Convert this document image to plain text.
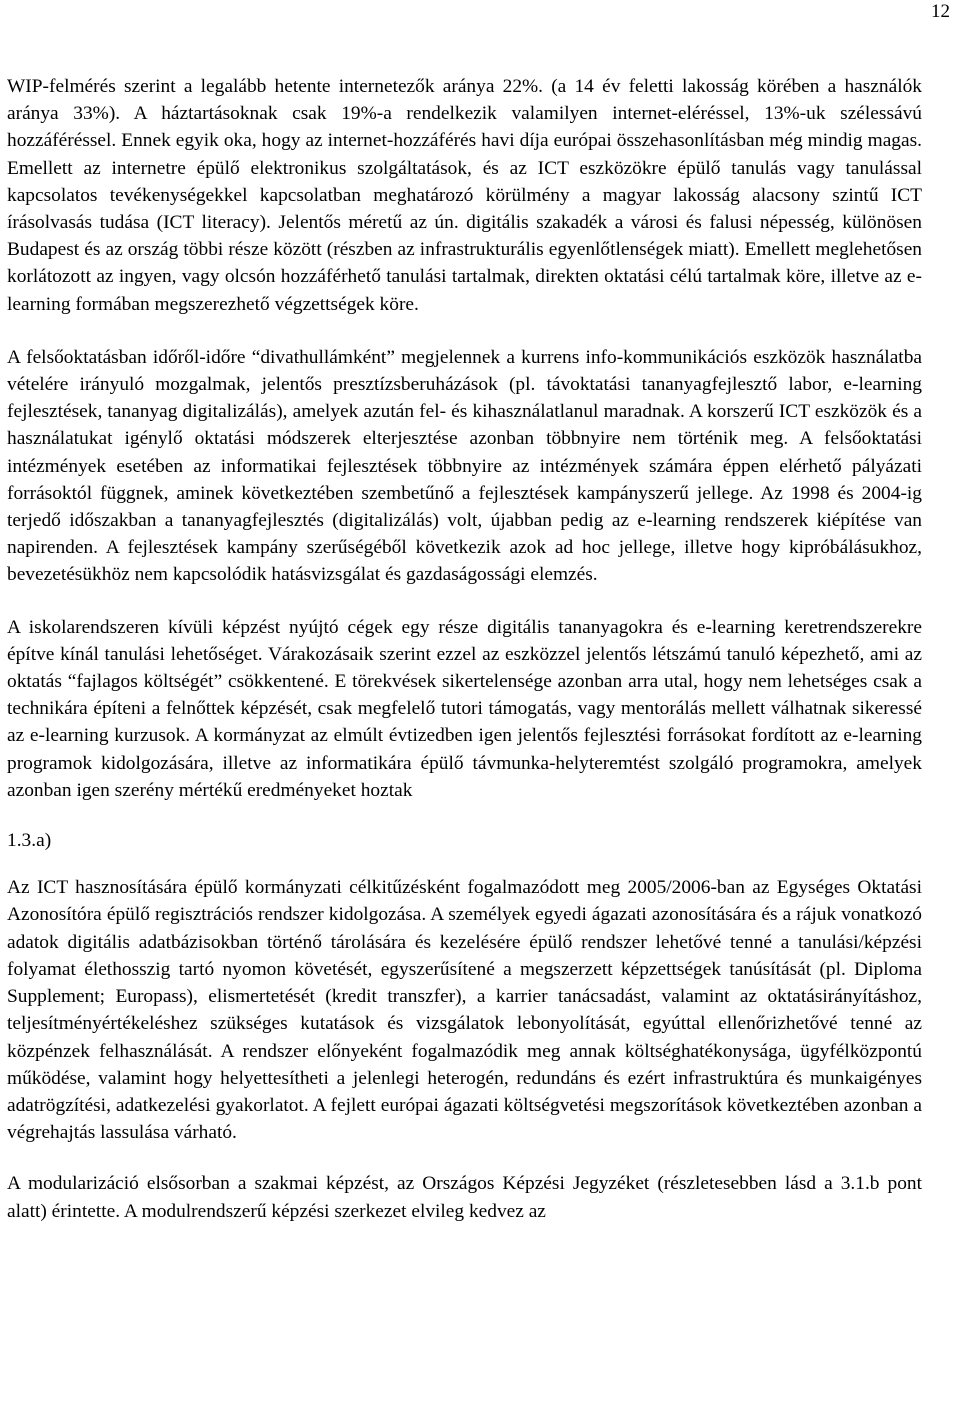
12

WIP-felmérés szerint a legalább hetente internetezők aránya 22%. (a 14 év feletti lakosság körében a használók aránya 33%). A háztartásoknak csak 19%-a rendelkezik valamilyen internet-eléréssel, 13%-uk szélessávú hozzáféréssel. Ennek egyik oka, hogy az internet-hozzáférés havi díja európai összehasonlításban még mindig magas. Emellett az internetre épülő elektronikus szolgáltatások, és az ICT eszközökre épülő tanulás vagy tanulással kapcsolatos tevékenységekkel kapcsolatban meghatározó körülmény a magyar lakosság alacsony szintű ICT írásolvasás tudása (ICT literacy). Jelentős méretű az ún. digitális szakadék a városi és falusi népesség, különösen Budapest és az ország többi része között (részben az infrastrukturális egyenlőtlenségek miatt). Emellett meglehetősen korlátozott az ingyen, vagy olcsón hozzáférhető tanulási tartalmak, direkten oktatási célú tartalmak köre, illetve az e-learning formában megszerezhető végzettségek köre.

A felsőoktatásban időről-időre “divathullámként” megjelennek a kurrens info-kommunikációs eszközök használatba vételére irányuló mozgalmak, jelentős presztízsberuházások (pl. távoktatási tananyagfejlesztő labor, e-learning fejlesztések, tananyag digitalizálás), amelyek azután fel- és kihasználatlanul maradnak. A korszerű ICT eszközök és a használatukat igénylő oktatási módszerek elterjesztése azonban többnyire nem történik meg. A felsőoktatási intézmények esetében az informatikai fejlesztések többnyire az intézmények számára éppen elérhető pályázati forrásoktól függnek, aminek következtében szembetűnő a fejlesztések kampányszerű jellege. Az 1998 és 2004-ig terjedő időszakban a tananyagfejlesztés (digitalizálás) volt, újabban pedig az e-learning rendszerek kiépítése van napirenden. A fejlesztések kampány szerűségéből következik azok ad hoc jellege, illetve hogy kipróbálásukhoz, bevezetésükhöz nem kapcsolódik hatásvizsgálat és gazdaságossági elemzés.

A iskolarendszeren kívüli képzést nyújtó cégek egy része digitális tananyagokra és e-learning keretrendszerekre építve kínál tanulási lehetőséget. Várakozásaik szerint ezzel az eszközzel jelentős létszámú tanuló képezhető, ami az oktatás “fajlagos költségét” csökkentené. E törekvések sikertelensége azonban arra utal, hogy nem lehetséges csak a technikára építeni a felnőttek képzését, csak megfelelő tutori támogatás, vagy mentorálás mellett válhatnak sikeressé az e-learning kurzusok. A kormányzat az elmúlt évtizedben igen jelentős fejlesztési forrásokat fordított az e-learning programok kidolgozására, illetve az informatikára épülő távmunka-helyteremtést szolgáló programokra, amelyek azonban igen szerény mértékű eredményeket hoztak

1.3.a)

Az ICT hasznosítására épülő kormányzati célkitűzésként fogalmazódott meg 2005/2006-ban az Egységes Oktatási Azonosítóra épülő regisztrációs rendszer kidolgozása. A személyek egyedi ágazati azonosítására és a rájuk vonatkozó adatok digitális adatbázisokban történő tárolására és kezelésére épülő rendszer lehetővé tenné a tanulási/képzési folyamat élethosszig tartó nyomon követését, egyszerűsítené a megszerzett képzettségek tanúsítását (pl. Diploma Supplement; Europass), elismertetését (kredit transzfer), a karrier tanácsadást, valamint az oktatásirányításhoz, teljesítményértékeléshez szükséges kutatások és vizsgálatok lebonyolítását, egyúttal ellenőrizhetővé tenné az közpénzek felhasználását. A rendszer előnyeként fogalmazódik meg annak költséghatékonysága, ügyfélközpontú működése, valamint hogy helyettesítheti a jelenlegi heterogén, redundáns és ezért infrastruktúra és munkaigényes adatrögzítési, adatkezelési gyakorlatot. A fejlett európai ágazati költségvetési megszorítások következtében azonban a végrehajtás lassulása várható.

A modularizáció elsősorban a szakmai képzést, az Országos Képzési Jegyzéket (részletesebben lásd a 3.1.b pont alatt) érintette. A modulrendszerű képzési szerkezet elvileg kedvez az
